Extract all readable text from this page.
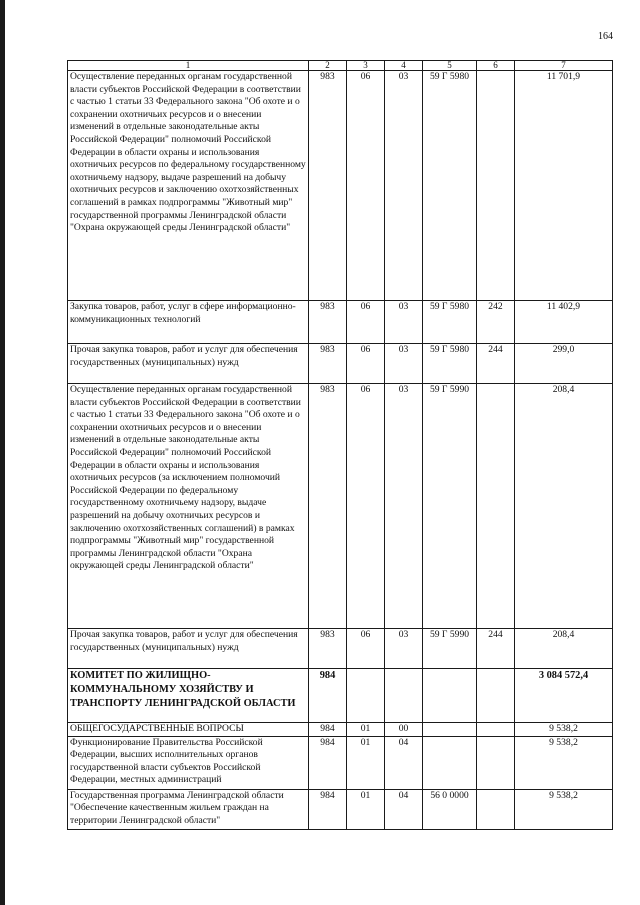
164
1	2	3	4	5	6	7
Осуществление переданных органам государственной власти субъектов Российской Федерации в соответствии с частью 1 статьи 33 Федерального закона "Об охоте и о сохранении охотничьих ресурсов и о внесении изменений в отдельные законодательные акты Российской Федерации" полномочий Российской Федерации в области охраны и использования охотничьих ресурсов по федеральному государственному охотничьему надзору, выдаче разрешений на добычу охотничьих ресурсов и заключению охотхозяйственных соглашений в рамках подпрограммы "Животный мир" государственной программы Ленинградской области "Охрана окружающей среды Ленинградской области"	983	06	03	59 Г 5980		11 701,9
Закупка товаров, работ, услуг в сфере информационно-коммуникационных технологий	983	06	03	59 Г 5980	242	11 402,9
Прочая закупка товаров, работ и услуг для обеспечения государственных (муниципальных) нужд	983	06	03	59 Г 5980	244	299,0
Осуществление переданных органам государственной власти субъектов Российской Федерации в соответствии с частью 1 статьи 33 Федерального закона "Об охоте и о сохранении охотничьих ресурсов и о внесении изменений в отдельные законодательные акты Российской Федерации" полномочий Российской Федерации в области охраны и использования охотничьих ресурсов (за исключением полномочий Российской Федерации по федеральному государственному охотничьему надзору, выдаче разрешений на добычу охотничьих ресурсов и заключению охотхозяйственных соглашений) в рамках подпрограммы "Животный мир" государственной программы Ленинградской области "Охрана окружающей среды Ленинградской области"	983	06	03	59 Г 5990		208,4
Прочая закупка товаров, работ и услуг для обеспечения государственных (муниципальных) нужд	983	06	03	59 Г 5990	244	208,4
КОМИТЕТ ПО ЖИЛИЩНО-КОММУНАЛЬНОМУ ХОЗЯЙСТВУ И ТРАНСПОРТУ ЛЕНИНГРАДСКОЙ ОБЛАСТИ	984					3 084 572,4
ОБЩЕГОСУДАРСТВЕННЫЕ ВОПРОСЫ	984	01	00			9 538,2
Функционирование Правительства Российской Федерации, высших исполнительных органов государственной власти субъектов Российской Федерации, местных администраций	984	01	04			9 538,2
Государственная программа Ленинградской области "Обеспечение качественным жильем граждан на территории Ленинградской области"	984	01	04	56 0 0000		9 538,2
